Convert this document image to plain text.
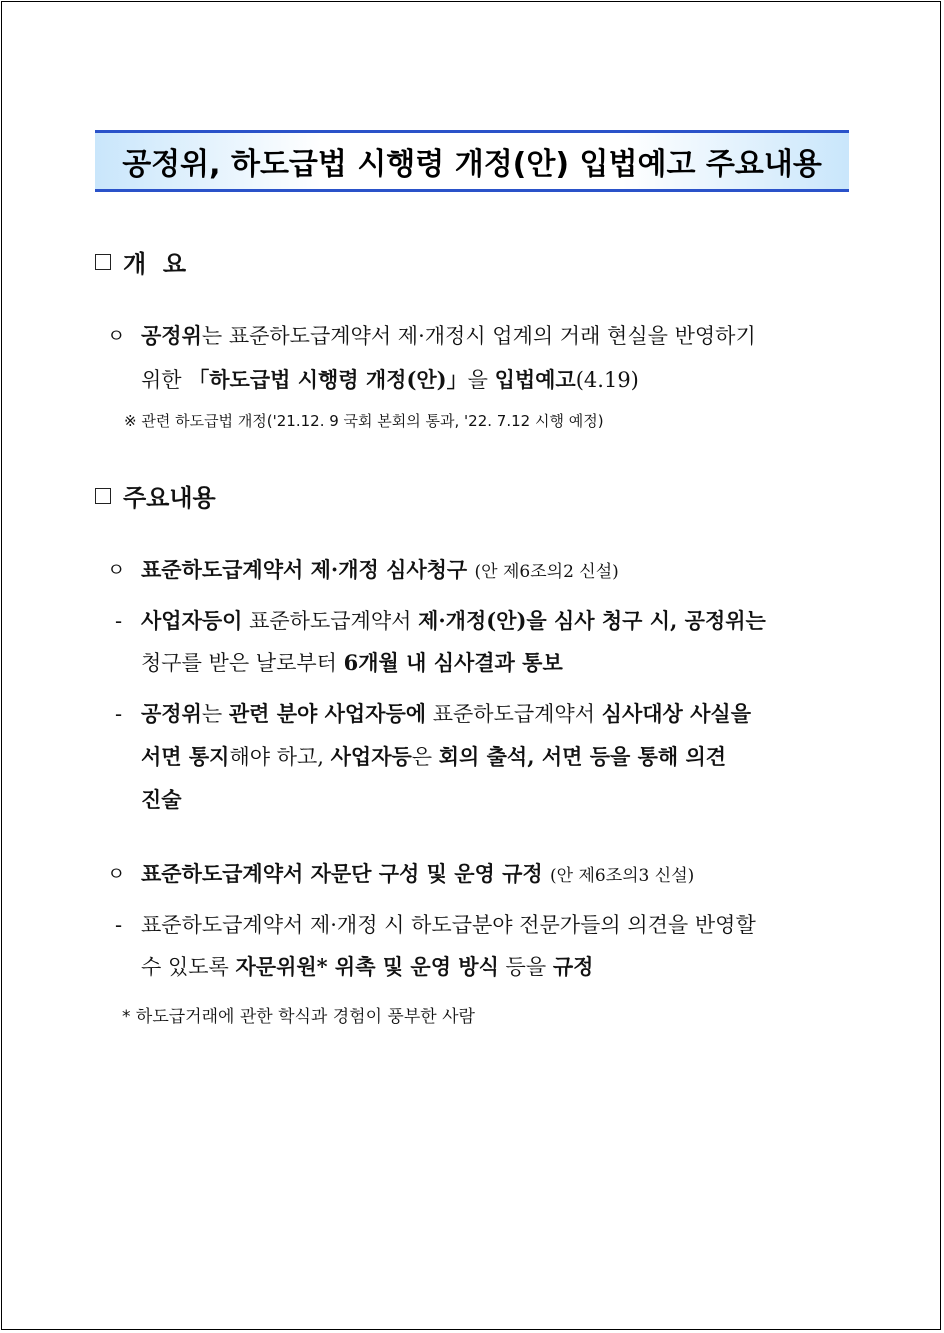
공정위, 하도급법 시행령 개정(안) 입법예고 주요내용
개  요
ㅇ 공정위는 표준하도급계약서 제·개정시 업계의 거래 현실을 반영하기
위한 「하도급법 시행령 개정(안)」을 입법예고(4.19)
※ 관련 하도급법 개정('21.12. 9 국회 본회의 통과, '22. 7.12 시행 예정)
주요내용
ㅇ 표준하도급계약서 제·개정 심사청구 (안 제6조의2 신설)
- 사업자등이 표준하도급계약서 제·개정(안)을 심사 청구 시, 공정위는
청구를 받은 날로부터 6개월 내 심사결과 통보
- 공정위는 관련 분야 사업자등에 표준하도급계약서 심사대상 사실을
서면 통지해야 하고, 사업자등은 회의 출석, 서면 등을 통해 의견
진술
ㅇ 표준하도급계약서 자문단 구성 및 운영 규정 (안 제6조의3 신설)
- 표준하도급계약서 제·개정 시 하도급분야 전문가들의 의견을 반영할
수 있도록 자문위원* 위촉 및 운영 방식 등을 규정
* 하도급거래에 관한 학식과 경험이 풍부한 사람
